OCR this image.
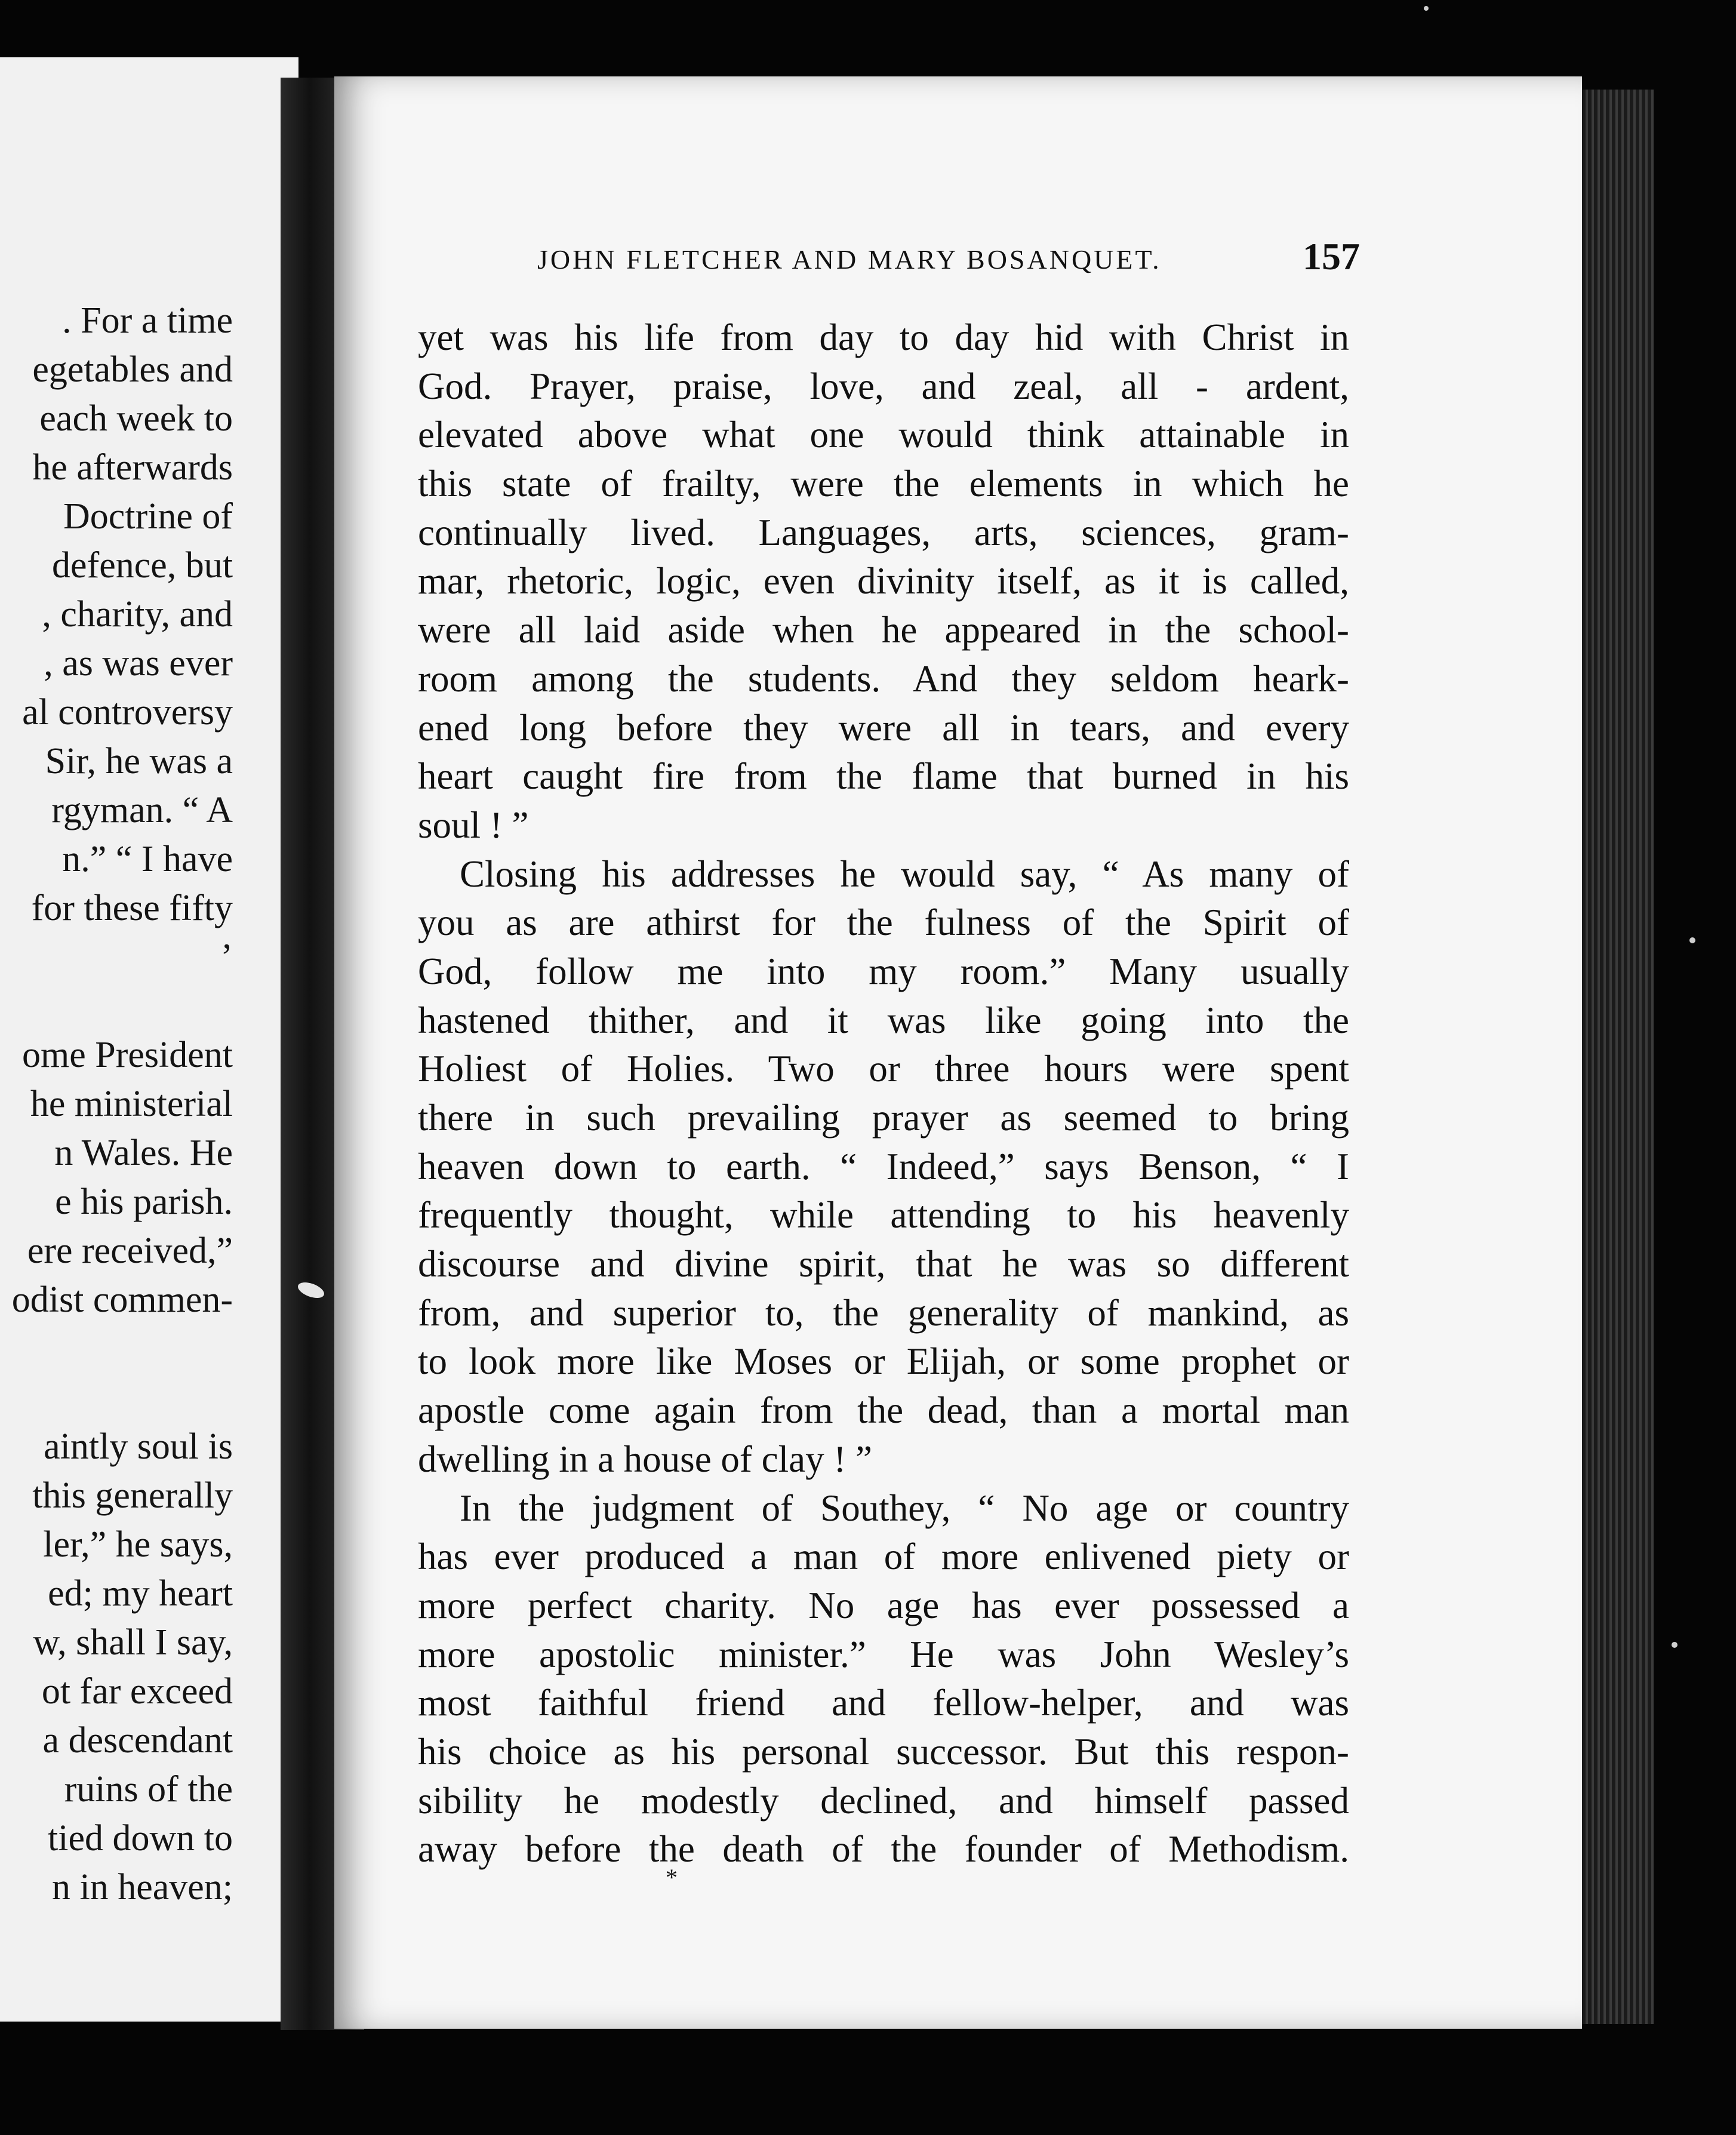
. For a time
egetables and
each week to
he afterwards
Doctrine of
defence, but
, charity, and
, as was ever
al controversy
Sir, he was a
rgyman. “ A
n.” “ I have
for these fifty
’
ome President
he ministerial
n Wales. He
e his parish.
ere received,”
odist commen-
aintly soul is
this generally
ler,” he says,
ed; my heart
w, shall I say,
ot far exceed
a descendant
ruins of the
tied down to
n in heaven;
JOHN FLETCHER AND MARY BOSANQUET.	157
yet was his life from day to day hid with Christ in
God. Prayer, praise, love, and zeal, all - ardent,
elevated above what one would think attainable in
this state of frailty, were the elements in which he
continually lived. Languages, arts, sciences, gram-
mar, rhetoric, logic, even divinity itself, as it is called,
were all laid aside when he appeared in the school-
room among the students. And they seldom heark-
ened long before they were all in tears, and every
heart caught fire from the flame that burned in his
soul ! ”
Closing his addresses he would say, “ As many of
you as are athirst for the fulness of the Spirit of
God, follow me into my room.” Many usually
hastened thither, and it was like going into the
Holiest of Holies. Two or three hours were spent
there in such prevailing prayer as seemed to bring
heaven down to earth. “ Indeed,” says Benson, “ I
frequently thought, while attending to his heavenly
discourse and divine spirit, that he was so different
from, and superior to, the generality of mankind, as
to look more like Moses or Elijah, or some prophet or
apostle come again from the dead, than a mortal man
dwelling in a house of clay ! ”
In the judgment of Southey, “ No age or country
has ever produced a man of more enlivened piety or
more perfect charity. No age has ever possessed a
more apostolic minister.” He was John Wesley’s
most faithful friend and fellow-helper, and was
his choice as his personal successor. But this respon-
sibility he modestly declined, and himself passed
away before the death of the founder of Methodism.
*
